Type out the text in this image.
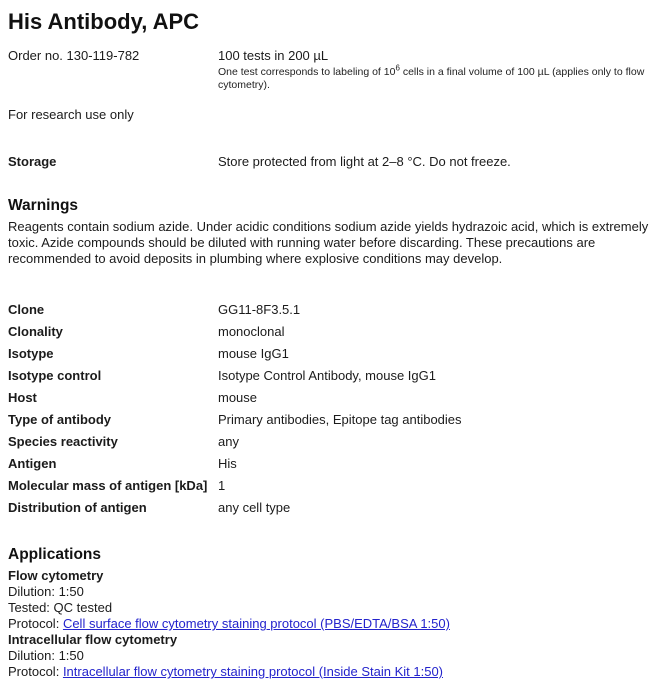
His Antibody, APC
Order no. 130-119-782	100 tests in 200 µL
One test corresponds to labeling of $10^6$ cells in a final volume of 100 µL (applies only to flow cytometry).
For research use only
Storage	Store protected from light at 2–8 °C. Do not freeze.
Warnings

Reagents contain sodium azide. Under acidic conditions sodium azide yields hydrazoic acid, which is extremely toxic. Azide compounds should be diluted with running water before discarding. These precautions are recommended to avoid deposits in plumbing where explosive conditions may develop.

Clone	GG11-8F3.5.1
Clonality	monoclonal
Isotype	mouse IgG1
Isotype control	Isotype Control Antibody, mouse IgG1
Host	mouse
Type of antibody	Primary antibodies, Epitope tag antibodies
Species reactivity	any
Antigen	His
Molecular mass of antigen [kDa] 1
Distribution of antigen	any cell type
Applications
Flow cytometry
Dilution: 1:50
Tested: QC tested
Protocol: Cell surface flow cytometry staining protocol (PBS/EDTA/BSA 1:50)
Intracellular flow cytometry
Dilution: 1:50
Protocol: Intracellular flow cytometry staining protocol (Inside Stain Kit 1:50)
